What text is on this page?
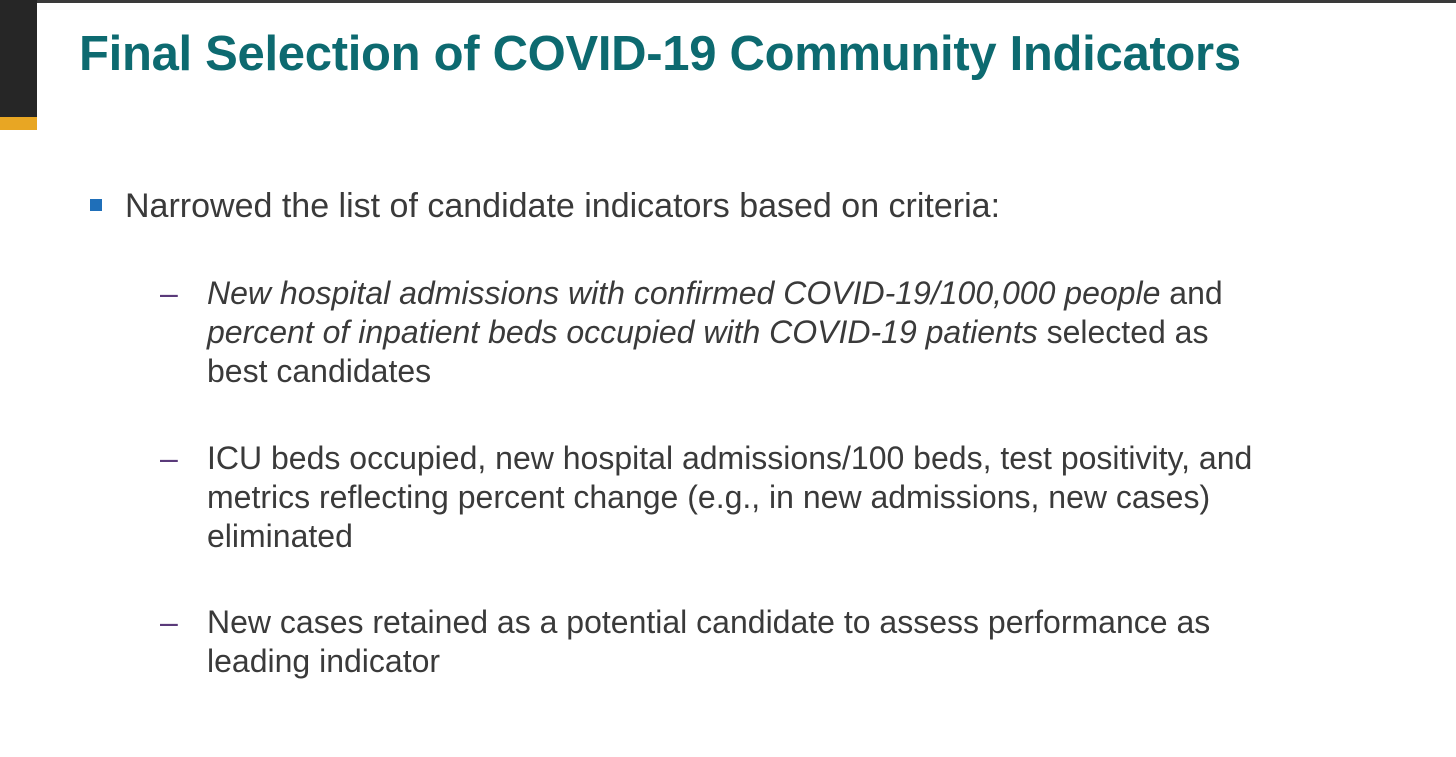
Final Selection of COVID-19 Community Indicators
Narrowed the list of candidate indicators based on criteria:
– New hospital admissions with confirmed COVID-19/100,000 people and percent of inpatient beds occupied with COVID-19 patients selected as best candidates
– ICU beds occupied, new hospital admissions/100 beds, test positivity, and metrics reflecting percent change (e.g., in new admissions, new cases) eliminated
– New cases retained as a potential candidate to assess performance as leading indicator
